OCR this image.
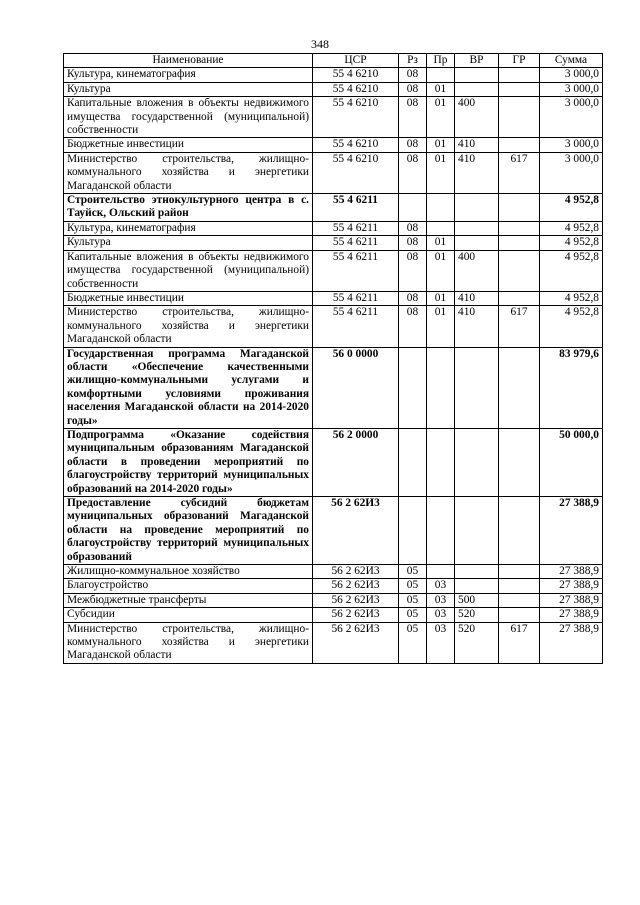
348
Наименование	ЦСР	Рз	Пр	ВР	ГР	Сумма
Культура, кинематография	55 4 6210	08				3 000,0
Культура	55 4 6210	08	01			3 000,0
Капитальные вложения в объекты недвижимого имущества государственной (муниципальной) собственности	55 4 6210	08	01	400		3 000,0
Бюджетные инвестиции	55 4 6210	08	01	410		3 000,0
Министерство строительства, жилищно-коммунального хозяйства и энергетики Магаданской области	55 4 6210	08	01	410	617	3 000,0
Строительство этнокультурного центра в с. Тауйск, Ольский район	55 4 6211					4 952,8
Культура, кинематография	55 4 6211	08				4 952,8
Культура	55 4 6211	08	01			4 952,8
Капитальные вложения в объекты недвижимого имущества государственной (муниципальной) собственности	55 4 6211	08	01	400		4 952,8
Бюджетные инвестиции	55 4 6211	08	01	410		4 952,8
Министерство строительства, жилищно-коммунального хозяйства и энергетики Магаданской области	55 4 6211	08	01	410	617	4 952,8
Государственная программа Магаданской области «Обеспечение качественными жилищно-коммунальными услугами и комфортными условиями проживания населения Магаданской области на 2014-2020 годы»	56 0 0000					83 979,6
Подпрограмма «Оказание содействия муниципальным образованиям Магаданской области в проведении мероприятий по благоустройству территорий муниципальных образований на 2014-2020 годы»	56 2 0000					50 000,0
Предоставление субсидий бюджетам муниципальных образований Магаданской области на проведение мероприятий по благоустройству территорий муниципальных образований	56 2 62И3					27 388,9
Жилищно-коммунальное хозяйство	56 2 62И3	05				27 388,9
Благоустройство	56 2 62И3	05	03			27 388,9
Межбюджетные трансферты	56 2 62И3	05	03	500		27 388,9
Субсидии	56 2 62И3	05	03	520		27 388,9
Министерство строительства, жилищно-коммунального хозяйства и энергетики Магаданской области	56 2 62И3	05	03	520	617	27 388,9
